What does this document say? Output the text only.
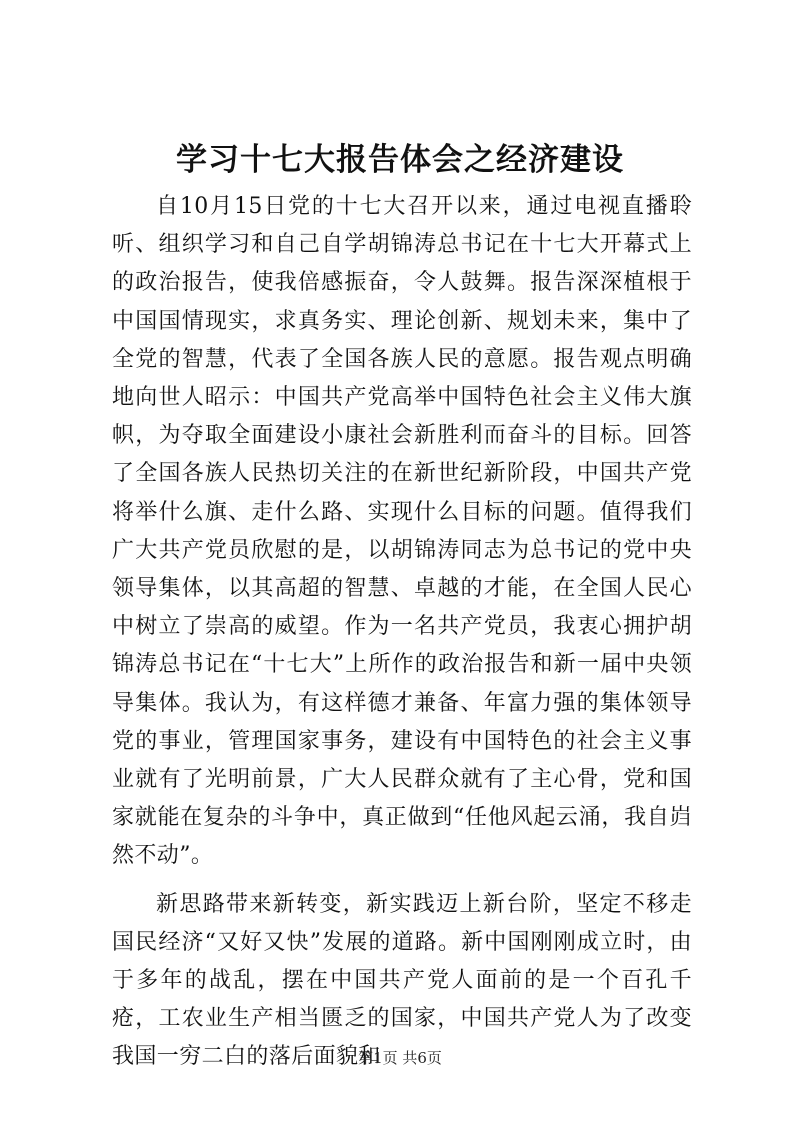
学习十七大报告体会之经济建设

自10月15日党的十七大召开以来，通过电视直播聆听、组织学习和自己自学胡锦涛总书记在十七大开幕式上的政治报告，使我倍感振奋，令人鼓舞。报告深深植根于中国国情现实，求真务实、理论创新、规划未来，集中了全党的智慧，代表了全国各族人民的意愿。报告观点明确地向世人昭示：中国共产党高举中国特色社会主义伟大旗帜，为夺取全面建设小康社会新胜利而奋斗的目标。回答了全国各族人民热切关注的在新世纪新阶段，中国共产党将举什么旗、走什么路、实现什么目标的问题。值得我们广大共产党员欣慰的是，以胡锦涛同志为总书记的党中央领导集体，以其高超的智慧、卓越的才能，在全国人民心中树立了崇高的威望。作为一名共产党员，我衷心拥护胡锦涛总书记在“十七大”上所作的政治报告和新一届中央领导集体。我认为，有这样德才兼备、年富力强的集体领导党的事业，管理国家事务，建设有中国特色的社会主义事业就有了光明前景，广大人民群众就有了主心骨，党和国家就能在复杂的斗争中，真正做到“任他风起云涌，我自岿然不动”。

新思路带来新转变，新实践迈上新台阶，坚定不移走国民经济“又好又快”发展的道路。新中国刚刚成立时，由于多年的战乱，摆在中国共产党人面前的是一个百孔千疮，工农业生产相当匮乏的国家，中国共产党人为了改变我国一穷二白的落后面貌和

第1页 共6页
